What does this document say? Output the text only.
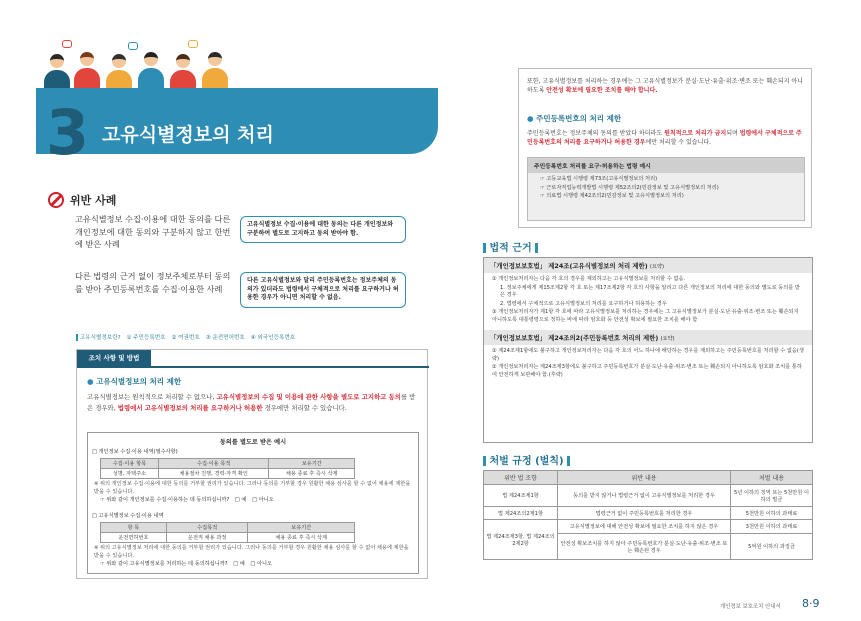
3 고유식별정보의 처리
위반 사례
고유식별정보 수집·이용에 대한 동의를 다른 개인정보에 대한 동의와 구분하지 않고 한번에 받은 사례
고유식별정보 수집·이용에 대한 동의는 다른 개인정보와 구분하여 별도로 고지하고 동의 받아야 함.
다른 법령의 근거 없이 정보주체로부터 동의를 받아 주민등록번호를 수집·이용한 사례
다른 고유식별정보와 달리 주민등록번호는 정보주체의 동의가 있더라도 법령에서 구체적으로 처리를 요구하거나 허용한 경우가 아니면 처리할 수 없음.
고유식별정보란? ① 주민등록번호 ② 여권번호 ③ 운전면허번호 ④ 외국인등록번호
조치 사항 및 방법
● 고유식별정보의 처리 제한
고유식별정보는 원칙적으로 처리할 수 없으나, 고유식별정보의 수집 및 이용에 관한 사항을 별도로 고지하고 동의를 받은 경우와, 법령에서 고유식별정보의 처리를 요구하거나 허용한 경우에만 처리할 수 있습니다.
동의를 별도로 받은 예시
□ 개인정보 수집·이용 내역(필수사항)
수집·이용 항목	수집·이용 목적	보유기간
성명, 자택주소	채용절차 진행, 경력·자격 확인	채용 종료 후 즉시 삭제
※ 위의 개인정보 수집·이용에 대한 동의를 거부할 권리가 있습니다. 그러나 동의를 거부할 경우 원활한 채용 심사를 할 수 없어 채용에 제한을 받을 수 있습니다.
☞ 위와 같이 개인정보를 수집·이용하는 데 동의하십니까? □ 예 □ 아니오
□ 고유식별정보 수집·이용 내역
항 목	수집목적	보유기간
운전면허번호	운전직 채용 과정	채용 종료 후 즉시 삭제
※ 위의 고유식별정보 처리에 대한 동의를 거부할 권리가 있습니다. 그러나 동의를 거부할 경우 원활한 채용 심사를 할 수 없어 채용에 제한을 받을 수 있습니다.
☞ 위와 같이 고유식별정보를 처리하는 데 동의하십니까? □ 예 □ 아니오
또한, 고유식별정보를 처리하는 경우에는 그 고유식별정보가 분실·도난·유출·위조·변조 또는 훼손되지 아니하도록 안전성 확보에 필요한 조치를 해야 합니다.
● 주민등록번호의 처리 제한
주민등록번호는 정보주체의 동의를 받았다 하더라도 원칙적으로 처리가 금지되며 법령에서 구체적으로 주민등록번호의 처리를 요구하거나 허용한 경우에만 처리할 수 있습니다.
주민등록번호 처리를 요구·허용하는 법령 예시
☞ 고등교육법 시행령 제73조(고유식별정보의 처리)
☞ 근로자직업능력개발법 시행령 제52조의2(민감정보 및 고유식별정보의 처리)
☞ 의료법 시행령 제42조의2(민감정보 및 고유식별정보의 처리)
법적 근거
「개인정보보호법」 제24조(고유식별정보의 처리 제한) (요약)
① 개인정보처리자는 다음 각 호의 경우를 제외하고는 고유식별정보를 처리할 수 없음.
1. 정보주체에게 제15조제2항 각 호 또는 제17조제2항 각 호의 사항을 알리고 다른 개인정보의 처리에 대한 동의와 별도로 동의를 받은 경우
2. 법령에서 구체적으로 고유식별정보의 처리를 요구하거나 허용하는 경우
③ 개인정보처리자가 제1항 각 호에 따라 고유식별정보를 처리하는 경우에는 그 고유식별정보가 분실·도난·유출·위조·변조 또는 훼손되지 아니하도록 대통령령으로 정하는 바에 따라 암호화 등 안전성 확보에 필요한 조치를 해야 함
「개인정보보호법」 제24조의2(주민등록번호 처리의 제한) (요약)
① 제24조제1항에도 불구하고 개인정보처리자는 다음 각 호의 어느 하나에 해당하는 경우를 제외하고는 주민등록번호를 처리할 수 없음(생략)
② 개인정보처리자는 제24조제3항에도 불구하고 주민등록번호가 분실·도난·유출·위조·변조 또는 훼손되지 아니하도록 암호화 조치를 통하여 안전하게 보관해야 함.(후략)
처벌 규정 (벌칙)
위반 법 조항	위반 내용	처벌 내용
법 제24조제1항	동의를 받지 않거나 법령근거 없이 고유식별정보를 처리한 경우	5년 이하의 징역 또는 5천만원 이하의 벌금
법 제24조의2제1항	법령근거 없이 주민등록번호를 처리한 경우	5천만원 이하의 과태료
법 제24조제3항, 법 제24조의2제2항	고유식별정보에 대해 안전성 확보에 필요한 조치를 하지 않은 경우	3천만원 이하의 과태료
	안전성 확보조치를 하지 않아 주민등록번호가 분실·도난·유출·위조·변조 또는 훼손된 경우	5억원 이하의 과징금
개인정보 보호조치 안내서 8·9
